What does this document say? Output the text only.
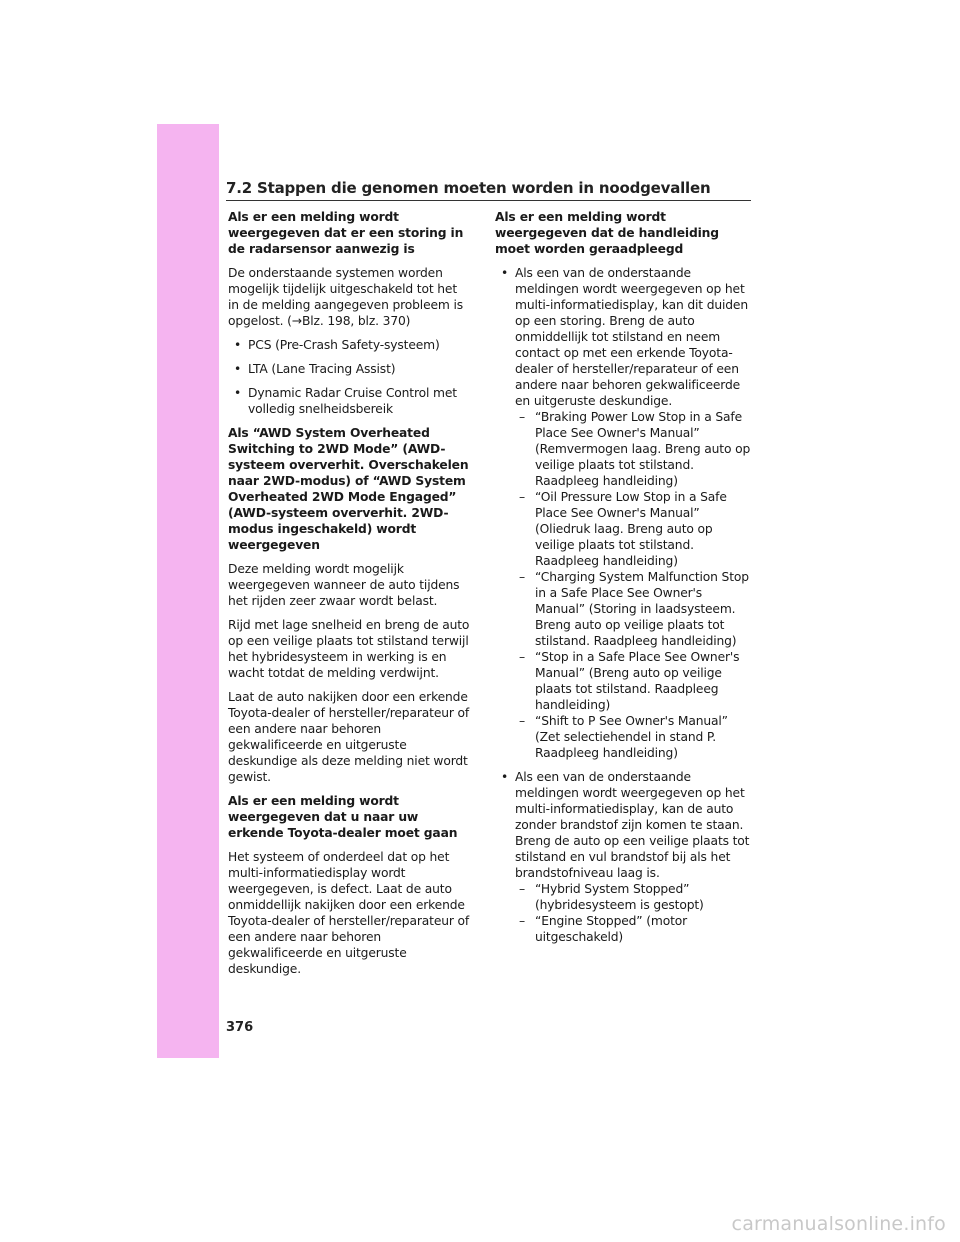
7.2 Stappen die genomen moeten worden in noodgevallen
Als er een melding wordt weergegeven dat er een storing in de radarsensor aanwezig is
De onderstaande systemen worden mogelijk tijdelijk uitgeschakeld tot het in de melding aangegeven probleem is opgelost. (→Blz. 198, blz. 370)
• PCS (Pre-Crash Safety-systeem)
• LTA (Lane Tracing Assist)
• Dynamic Radar Cruise Control met volledig snelheidsbereik
Als “AWD System Overheated Switching to 2WD Mode” (AWD-systeem oververhit. Overschakelen naar 2WD-modus) of “AWD System Overheated 2WD Mode Engaged” (AWD-systeem oververhit. 2WD-modus ingeschakeld) wordt weergegeven
Deze melding wordt mogelijk weergegeven wanneer de auto tijdens het rijden zeer zwaar wordt belast.
Rijd met lage snelheid en breng de auto op een veilige plaats tot stilstand terwijl het hybridesysteem in werking is en wacht totdat de melding verdwijnt.
Laat de auto nakijken door een erkende Toyota-dealer of hersteller/reparateur of een andere naar behoren gekwalificeerde en uitgeruste deskundige als deze melding niet wordt gewist.
Als er een melding wordt weergegeven dat u naar uw erkende Toyota-dealer moet gaan
Het systeem of onderdeel dat op het multi-informatiedisplay wordt weergegeven, is defect. Laat de auto onmiddellijk nakijken door een erkende Toyota-dealer of hersteller/reparateur of een andere naar behoren gekwalificeerde en uitgeruste deskundige.
Als er een melding wordt weergegeven dat de handleiding moet worden geraadpleegd
• Als een van de onderstaande meldingen wordt weergegeven op het multi-informatiedisplay, kan dit duiden op een storing. Breng de auto onmiddellijk tot stilstand en neem contact op met een erkende Toyota-dealer of hersteller/reparateur of een andere naar behoren gekwalificeerde en uitgeruste deskundige.
– “Braking Power Low Stop in a Safe Place See Owner's Manual” (Remvermogen laag. Breng auto op veilige plaats tot stilstand. Raadpleeg handleiding)
– “Oil Pressure Low Stop in a Safe Place See Owner's Manual” (Oliedruk laag. Breng auto op veilige plaats tot stilstand. Raadpleeg handleiding)
– “Charging System Malfunction Stop in a Safe Place See Owner's Manual” (Storing in laadsysteem. Breng auto op veilige plaats tot stilstand. Raadpleeg handleiding)
– “Stop in a Safe Place See Owner's Manual” (Breng auto op veilige plaats tot stilstand. Raadpleeg handleiding)
– “Shift to P See Owner's Manual” (Zet selectiehendel in stand P. Raadpleeg handleiding)
• Als een van de onderstaande meldingen wordt weergegeven op het multi-informatiedisplay, kan de auto zonder brandstof zijn komen te staan. Breng de auto op een veilige plaats tot stilstand en vul brandstof bij als het brandstofniveau laag is.
– “Hybrid System Stopped” (hybridesysteem is gestopt)
– “Engine Stopped” (motor uitgeschakeld)
376
carmanualsonline.info
